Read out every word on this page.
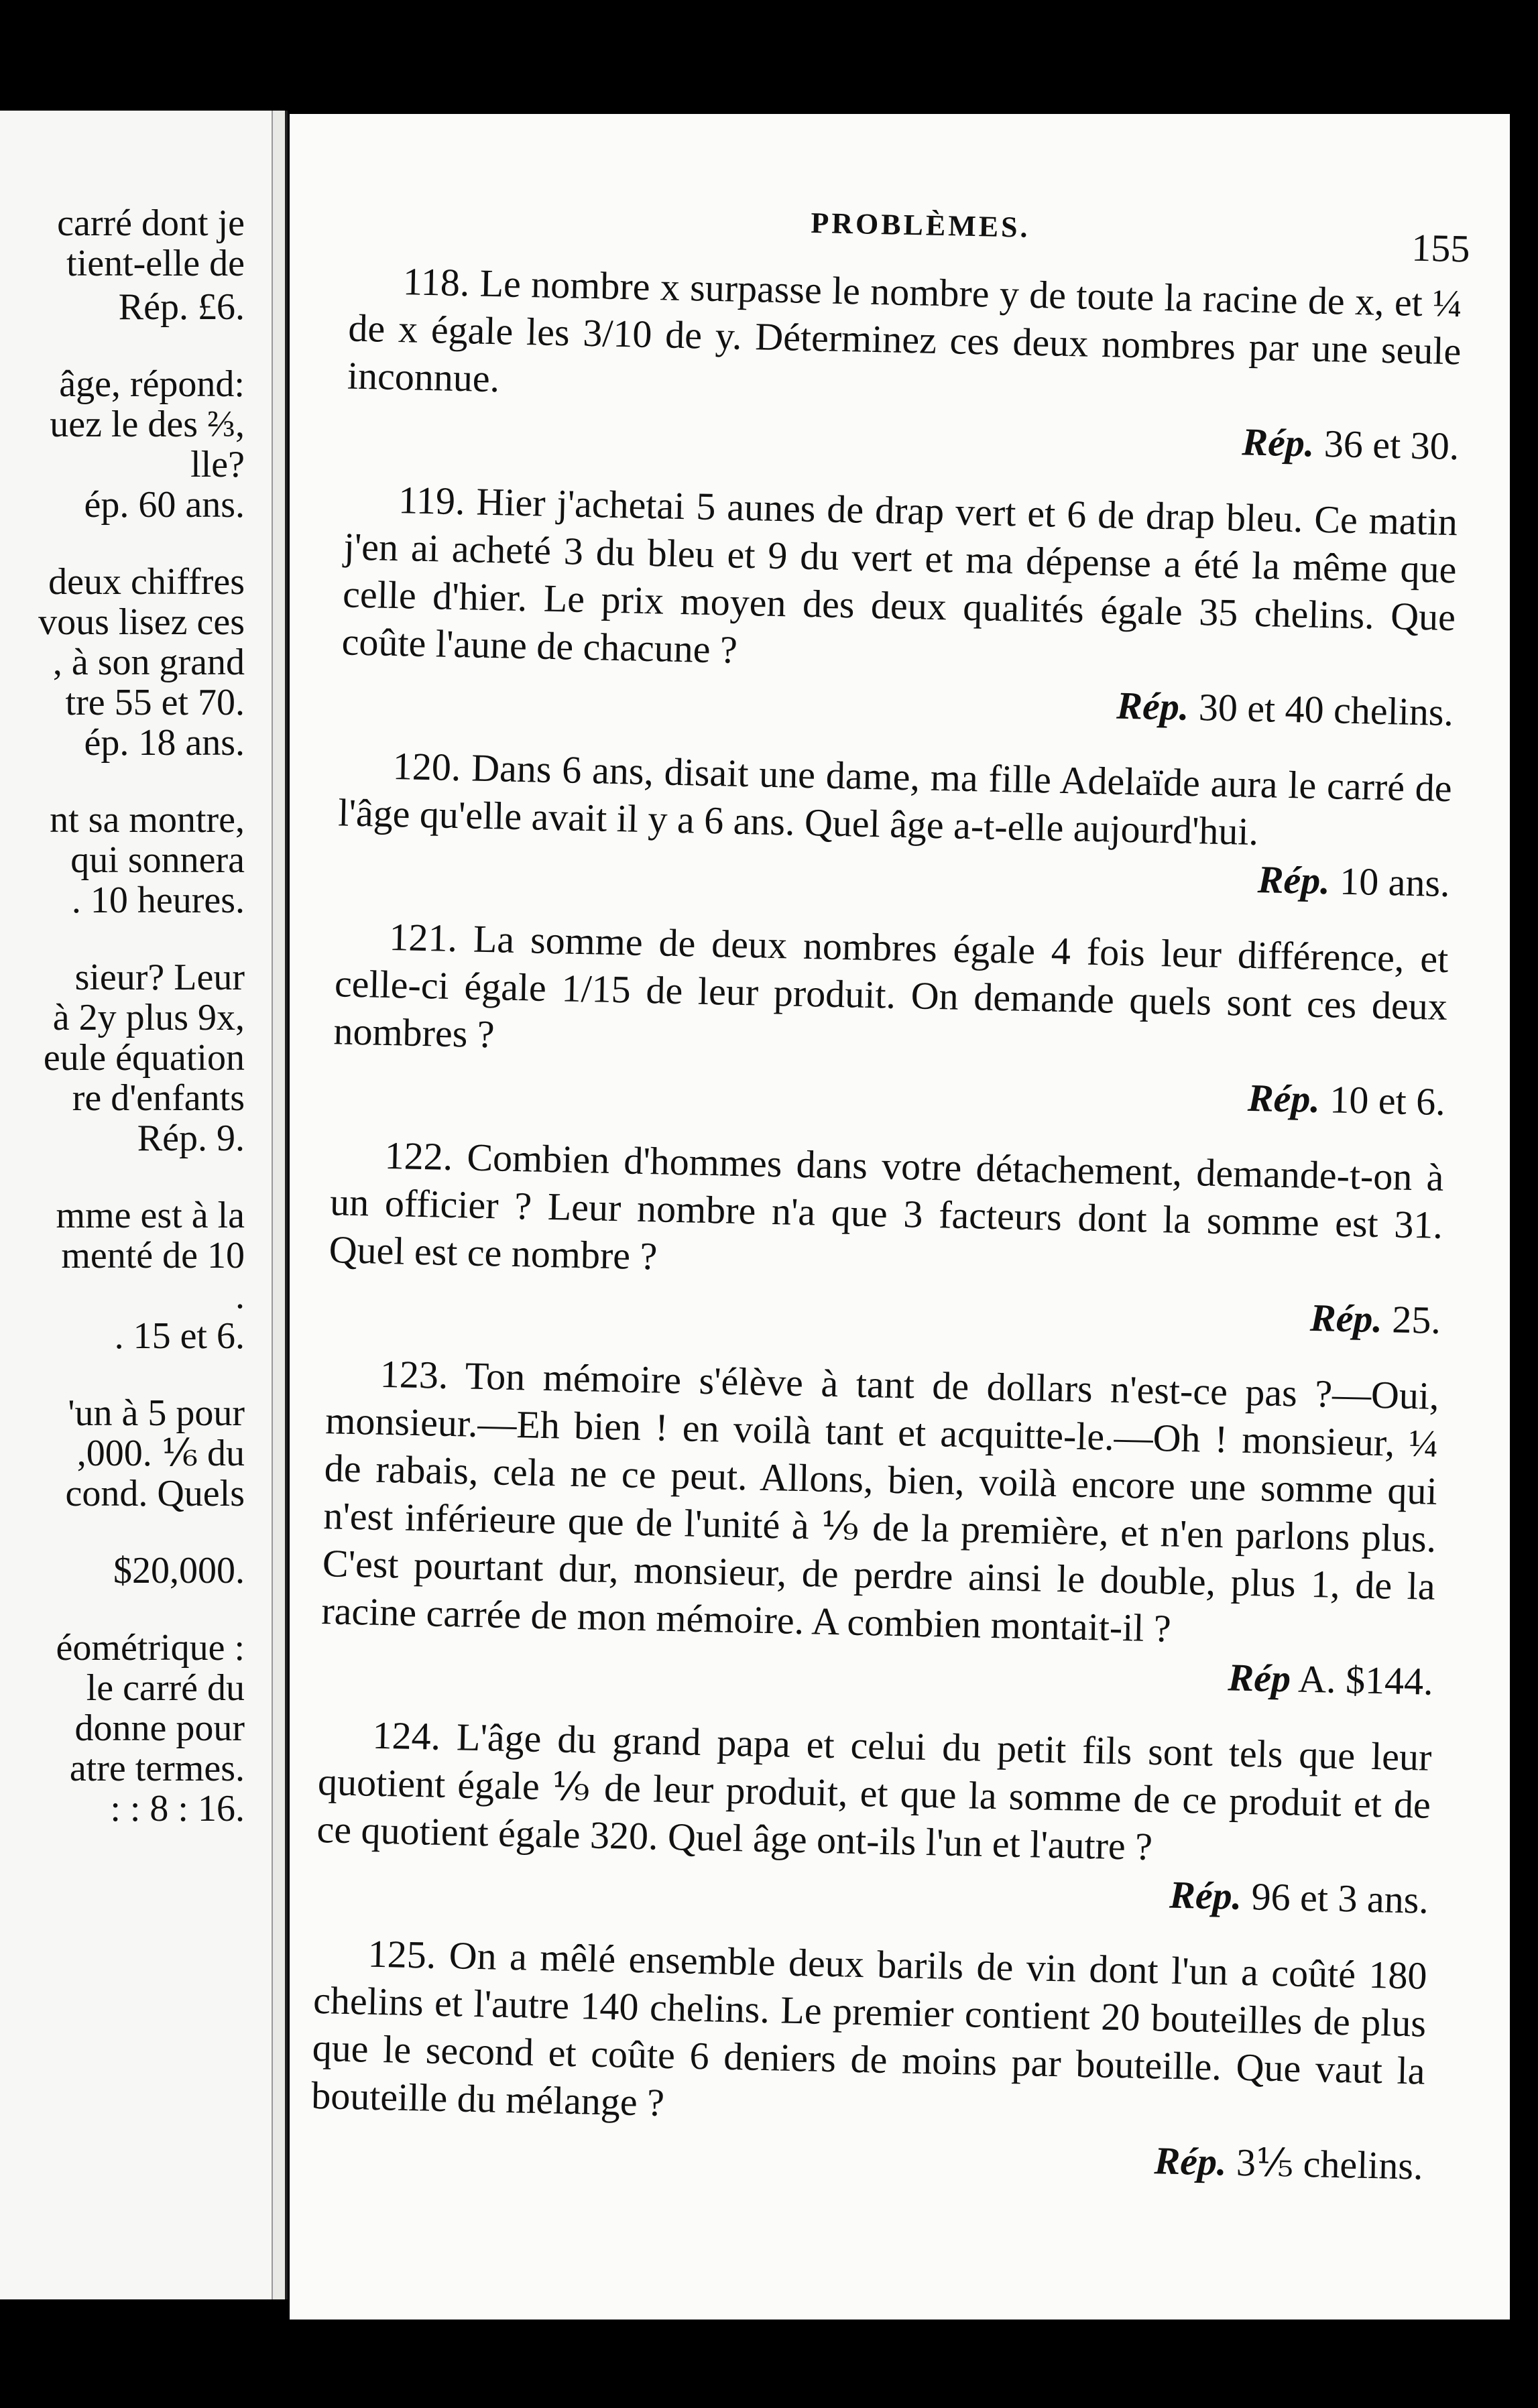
carré dont je
tient-elle de
Rép. £6.
âge, répond:
uez le des ⅔,
lle?
ép. 60 ans.
deux chiffres
vous lisez ces
, à son grand
tre 55 et 70.
ép. 18 ans.
nt sa montre,
qui sonnera
. 10 heures.
sieur? Leur
à 2y plus 9x,
eule équation
re d'enfants
Rép. 9.
mme est à la
menté de 10
.
. 15 et 6.
'un à 5 pour
,000. ⅙ du
cond. Quels
$20,000.
éométrique :
le carré du
donne pour
atre termes.
: : 8 : 16.
PROBLÈMES.
155
118. Le nombre x surpasse le nombre y de toute la racine de x, et ¼ de x égale les 3/10 de y. Déterminez ces deux nombres par une seule inconnue.
Rép. 36 et 30.
119. Hier j'achetai 5 aunes de drap vert et 6 de drap bleu. Ce matin j'en ai acheté 3 du bleu et 9 du vert et ma dépense a été la même que celle d'hier. Le prix moyen des deux qualités égale 35 chelins. Que coûte l'aune de chacune ?
Rép. 30 et 40 chelins.
120. Dans 6 ans, disait une dame, ma fille Adelaïde aura le carré de l'âge qu'elle avait il y a 6 ans. Quel âge a-t-elle aujourd'hui.
Rép. 10 ans.
121. La somme de deux nombres égale 4 fois leur différence, et celle-ci égale 1/15 de leur produit. On demande quels sont ces deux nombres ?
Rép. 10 et 6.
122. Combien d'hommes dans votre détachement, demande-t-on à un officier ? Leur nombre n'a que 3 facteurs dont la somme est 31. Quel est ce nombre ?
Rép. 25.
123. Ton mémoire s'élève à tant de dollars n'est-ce pas ?—Oui, monsieur.—Eh bien ! en voilà tant et acquitte-le.—Oh ! monsieur, ¼ de rabais, cela ne ce peut. Allons, bien, voilà encore une somme qui n'est inférieure que de l'unité à ⅑ de la première, et n'en parlons plus. C'est pourtant dur, monsieur, de perdre ainsi le double, plus 1, de la racine carrée de mon mémoire. A combien montait-il ?
Rép A. $144.
124. L'âge du grand papa et celui du petit fils sont tels que leur quotient égale ⅑ de leur produit, et que la somme de ce produit et de ce quotient égale 320. Quel âge ont-ils l'un et l'autre ?
Rép. 96 et 3 ans.
125. On a mêlé ensemble deux barils de vin dont l'un a coûté 180 chelins et l'autre 140 chelins. Le premier contient 20 bouteilles de plus que le second et coûte 6 deniers de moins par bouteille. Que vaut la bouteille du mélange ?
Rép. 3⅕ chelins.
